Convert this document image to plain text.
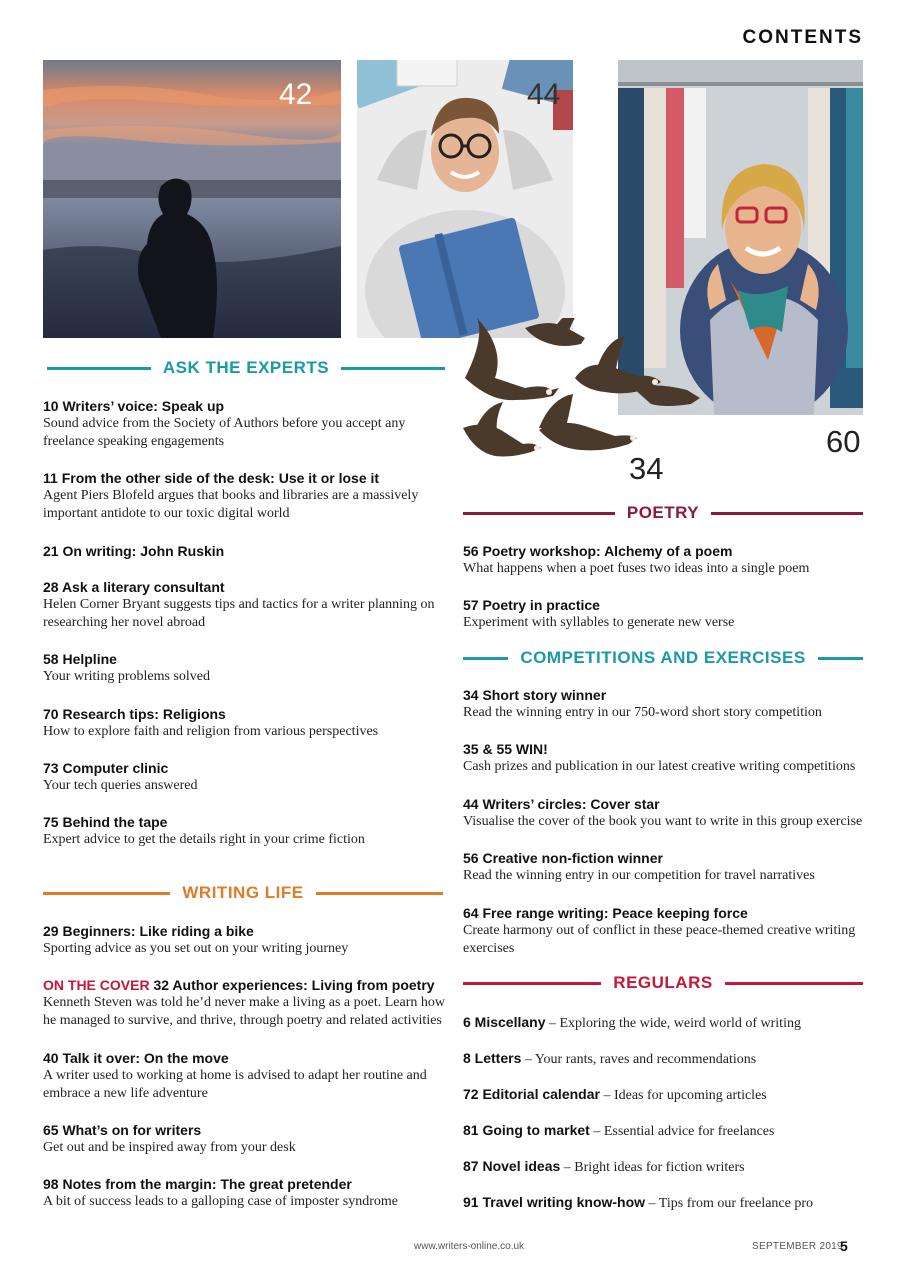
CONTENTS
42	44
60
34
ASK THE EXPERTS
10 Writers’ voice: Speak up
Sound advice from the Society of Authors before you accept any freelance speaking engagements
11 From the other side of the desk: Use it or lose it
Agent Piers Blofeld argues that books and libraries are a massively important antidote to our toxic digital world
21 On writing: John Ruskin
28 Ask a literary consultant
Helen Corner Bryant suggests tips and tactics for a writer planning on researching her novel abroad
58 Helpline
Your writing problems solved
70 Research tips: Religions
How to explore faith and religion from various perspectives
73 Computer clinic
Your tech queries answered
75 Behind the tape
Expert advice to get the details right in your crime fiction
WRITING LIFE
29 Beginners: Like riding a bike
Sporting advice as you set out on your writing journey
ON THE COVER 32 Author experiences: Living from poetry
Kenneth Steven was told he’d never make a living as a poet. Learn how he managed to survive, and thrive, through poetry and related activities
40 Talk it over: On the move
A writer used to working at home is advised to adapt her routine and embrace a new life adventure
65 What’s on for writers
Get out and be inspired away from your desk
98 Notes from the margin: The great pretender
A bit of success leads to a galloping case of imposter syndrome
POETRY
56 Poetry workshop: Alchemy of a poem
What happens when a poet fuses two ideas into a single poem
57 Poetry in practice
Experiment with syllables to generate new verse
COMPETITIONS AND EXERCISES
34 Short story winner
Read the winning entry in our 750-word short story competition
35 & 55 WIN!
Cash prizes and publication in our latest creative writing competitions
44 Writers’ circles: Cover star
Visualise the cover of the book you want to write in this group exercise
56 Creative non-fiction winner
Read the winning entry in our competition for travel narratives
64 Free range writing: Peace keeping force
Create harmony out of conflict in these peace-themed creative writing exercises
REGULARS
6 Miscellany – Exploring the wide, weird world of writing
8 Letters – Your rants, raves and recommendations
72 Editorial calendar – Ideas for upcoming articles
81 Going to market – Essential advice for freelances
87 Novel ideas – Bright ideas for fiction writers
91 Travel writing know-how – Tips from our freelance pro
www.writers-online.co.uk	SEPTEMBER 2019
5
